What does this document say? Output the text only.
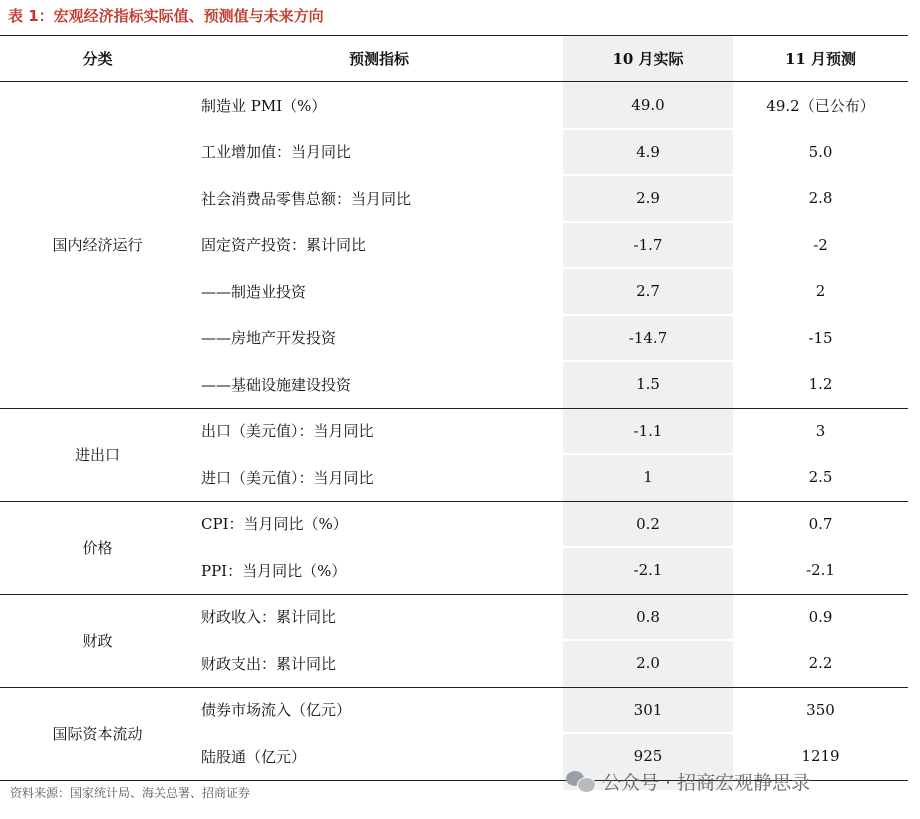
表 1：宏观经济指标实际值、预测值与未来方向
分类	预测指标	10 月实际	11 月预测
制造业 PMI（%）	49.0	49.2（已公布）
工业增加值：当月同比	4.9	5.0
社会消费品零售总额：当月同比	2.9	2.8
固定资产投资：累计同比	-1.7	-2
——制造业投资	2.7	2
——房地产开发投资	-14.7	-15
——基础设施建设投资	1.5	1.2
国内经济运行
出口（美元值）：当月同比	-1.1	3
进口（美元值）：当月同比	1	2.5
进出口
CPI：当月同比（%）	0.2	0.7
PPI：当月同比（%）	-2.1	-2.1
价格
财政收入：累计同比	0.8	0.9
财政支出：累计同比	2.0	2.2
财政
债券市场流入（亿元）	301	350
陆股通（亿元）	925	1219
国际资本流动
资料来源：国家统计局、海关总署、招商证券	公众号 · 招商宏观静思录
